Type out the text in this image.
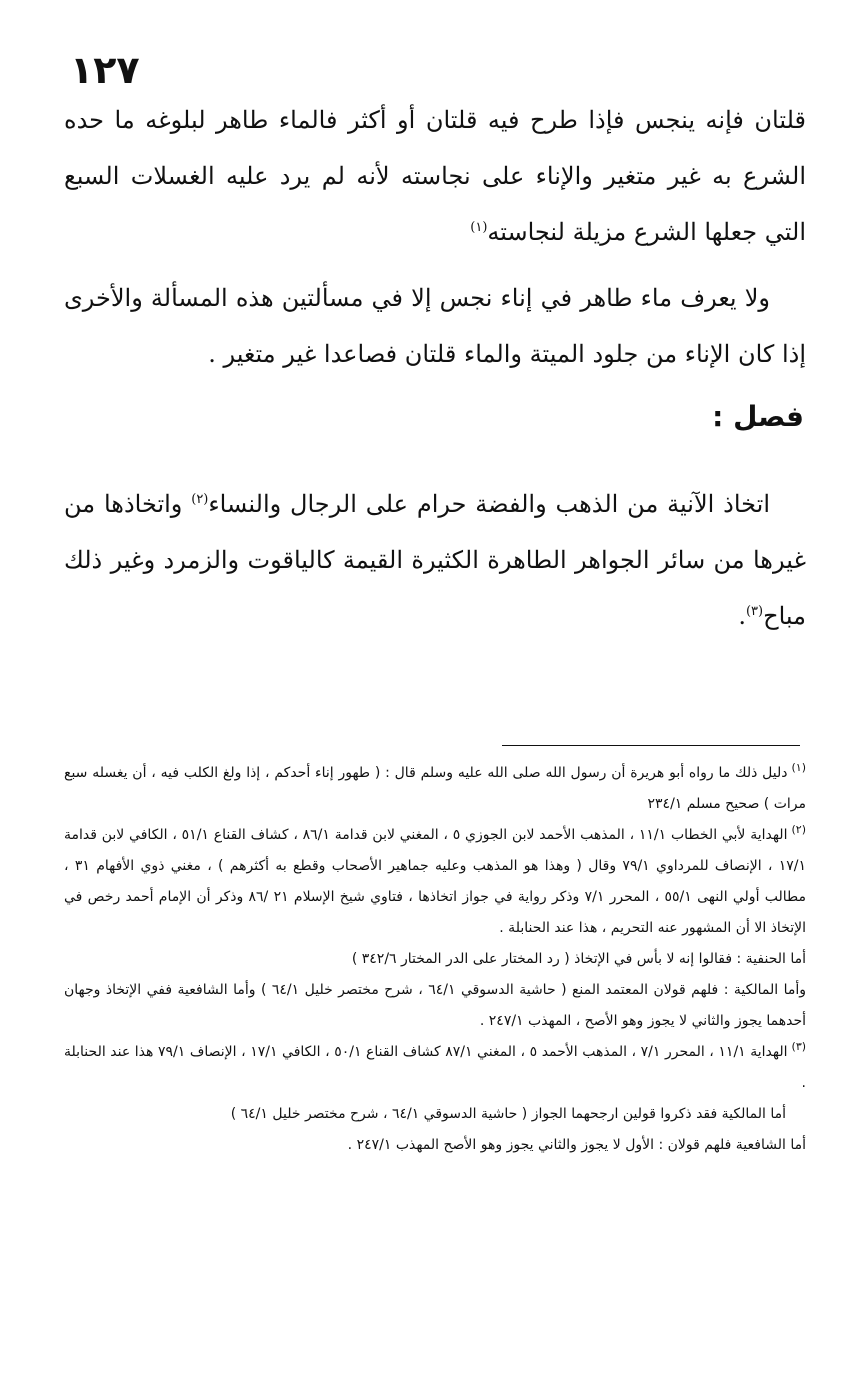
١٢٧

قلتان فإنه ينجس فإذا طرح فيه قلتان أو أكثر فالماء طاهر لبلوغه ما حده الشرع به غير متغير والإناء على نجاسته لأنه لم يرد عليه الغسلات السبع التي جعلها الشرع مزيلة لنجاسته$^{(١)}$

ولا يعرف ماء طاهر في إناء نجس إلا في مسألتين هذه المسألة والأخرى إذا كان الإناء من جلود الميتة والماء قلتان فصاعدا غير متغير .

فصل :

اتخاذ الآنية من الذهب والفضة حرام على الرجال والنساء$^{(٢)}$ واتخاذها من غيرها من سائر الجواهر الطاهرة الكثيرة القيمة كالياقوت والزمرد وغير ذلك مباح$^{(٣)}$.

$^{(١)}$دليل ذلك ما رواه أبو هريرة أن رسول الله صلى الله عليه وسلم قال : ( طهور إناء أحدكم ، إذا ولغ الكلب فيه ، أن يغسله سبع مرات ) صحيح مسلم ٢٣٤/١

$^{(٢)}$الهداية لأبي الخطاب ١١/١ ، المذهب الأحمد لابن الجوزي ٥ ، المغني لابن قدامة ٨٦/١ ، كشاف القناع ٥١/١ ، الكافي لابن قدامة ١٧/١ ، الإنصاف للمرداوي ٧٩/١ وقال ( وهذا هو المذهب وعليه جماهير الأصحاب وقطع به أكثرهم ) ، مغني ذوي الأفهام ٣١ ، مطالب أولي النهى ٥٥/١ ، المحرر ٧/١ وذكر رواية في جواز اتخاذها ، فتاوي شيخ الإسلام ٢١ /٨٦ وذكر أن الإمام أحمد رخص في الإتخاذ الا أن المشهور عنه التحريم ، هذا عند الحنابلة .

أما الحنفية : فقالوا إنه لا بأس في الإتخاذ ( رد المختار على الدر المختار ٣٤٢/٦ )

وأما المالكية : فلهم قولان المعتمد المنع ( حاشية الدسوقي ٦٤/١ ، شرح مختصر خليل ٦٤/١ ) وأما الشافعية ففي الإتخاذ وجهان أحدهما يجوز والثاني لا يجوز وهو الأصح ، المهذب ٢٤٧/١ .

$^{(٣)}$الهداية ١١/١ ، المحرر ٧/١ ، المذهب الأحمد ٥ ، المغني ٨٧/١ كشاف القناع ٥٠/١ ، الكافي ١٧/١ ، الإنصاف ٧٩/١ هذا عند الحنابلة .

أما المالكية فقد ذكروا قولين ارجحهما الجواز ( حاشية الدسوقي ٦٤/١ ، شرح مختصر خليل ٦٤/١ )

أما الشافعية فلهم قولان : الأول لا يجوز والثاني يجوز وهو الأصح المهذب ٢٤٧/١ .
